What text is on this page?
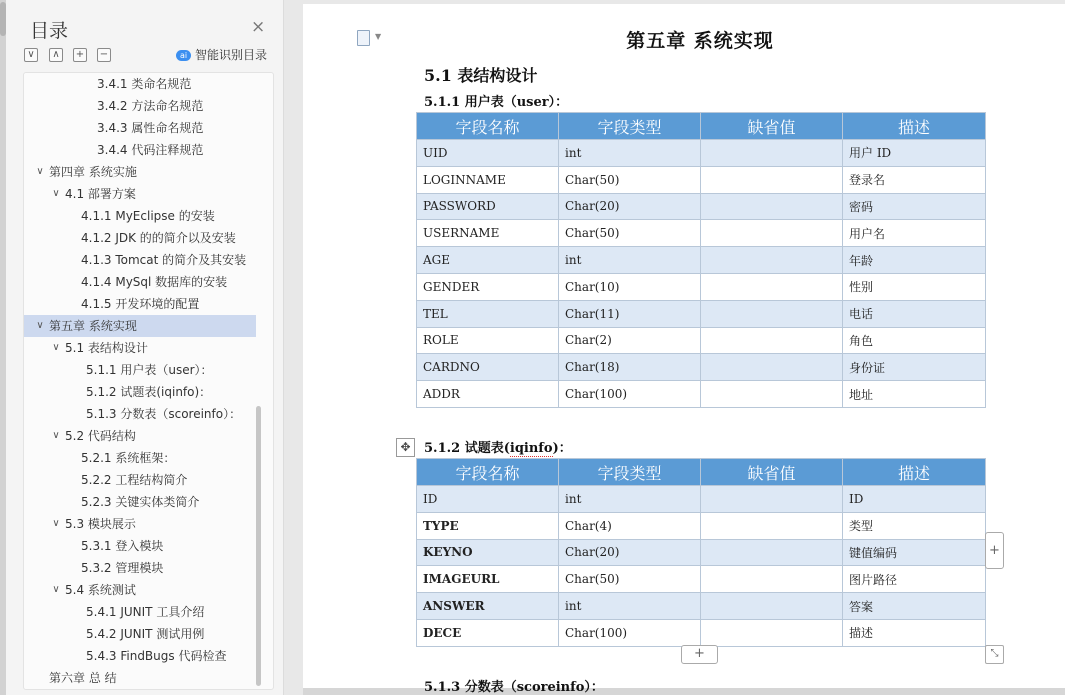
目录	×
∨	∧	+ −	ai 智能识别目录
3.4.1 类命名规范
3.4.2 方法命名规范
3.4.3 属性命名规范
3.4.4 代码注释规范
∨ 第四章 系统实施
∨ 4.1 部署方案
4.1.1 MyEclipse 的安装
4.1.2 JDK 的的简介以及安装
4.1.3 Tomcat 的简介及其安装
4.1.4 MySql 数据库的安装
4.1.5 开发环境的配置
∨ 第五章 系统实现
∨ 5.1 表结构设计
5.1.1 用户表（user）：
5.1.2 试题表(iqinfo)：
5.1.3 分数表（scoreinfo）：
∨ 5.2 代码结构
5.2.1 系统框架：
5.2.2 工程结构简介
5.2.3 关键实体类简介
∨ 5.3 模块展示
5.3.1 登入模块
5.3.2 管理模块
∨ 5.4 系统测试
5.4.1 JUNIT 工具介绍
5.4.2 JUNIT 测试用例
5.4.3 FindBugs 代码检查
第六章 总 结
▼	第五章 系统实现
5.1 表结构设计
5.1.1 用户表（user）：
字段名称	字段类型	缺省值	描述
UID	int		用户 ID
LOGINNAME	Char(50)		登录名
PASSWORD	Char(20)		密码
USERNAME	Char(50)		用户名
AGE	int		年龄
GENDER	Char(10)		性别
TEL	Char(11)		电话
ROLE	Char(2)		角色
CARDNO	Char(18)		身份证
ADDR	Char(100)		地址
✥	5.1.2 试题表(iqinfo)：
字段名称	字段类型	缺省值	描述
ID	int		ID
TYPE	Char(4)		类型
KEYNO	Char(20)		键值编码
IMAGEURL	Char(50)		图片路径
ANSWER	int		答案
DECE	Char(100)		描述
+
+	⤡
5.1.3 分数表（scoreinfo）：
